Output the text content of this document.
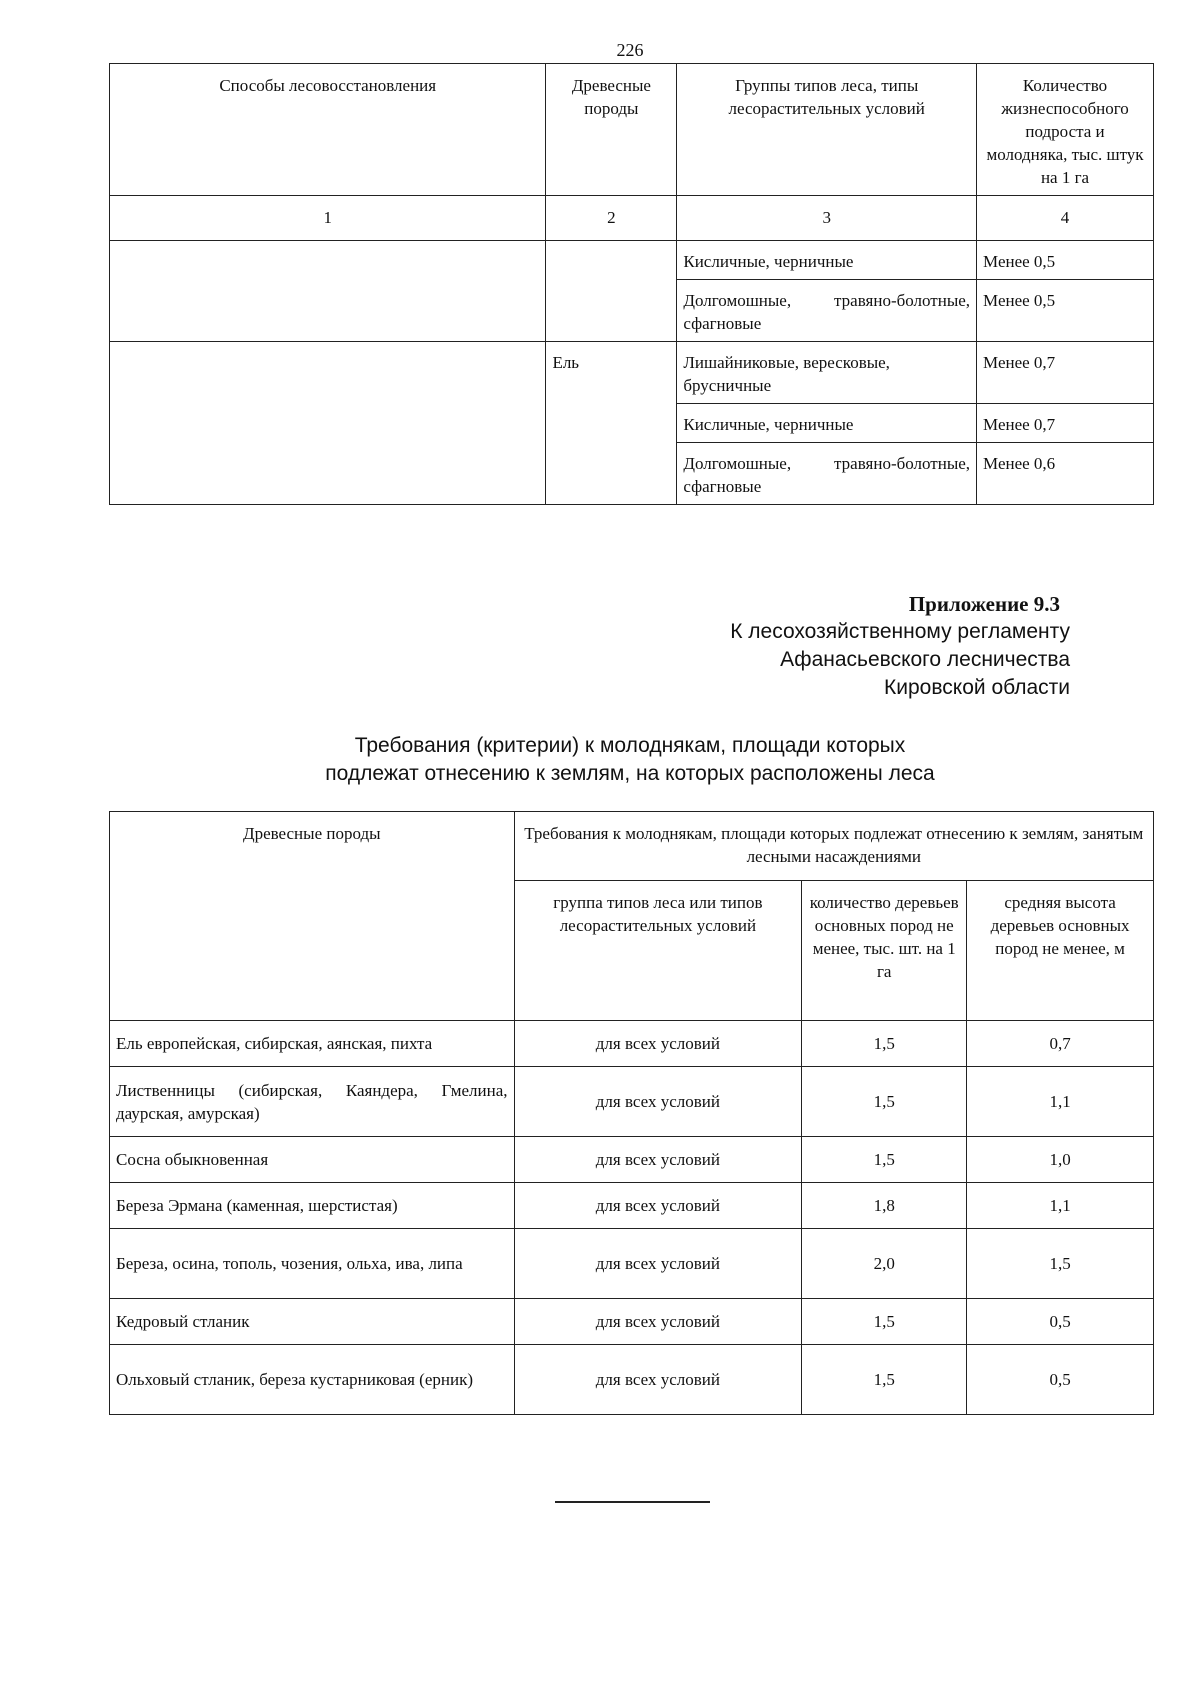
226
Способы лесовосстановления	Древесные породы	Группы типов леса, типы лесорастительных условий	Количество жизнеспособного подроста и молодняка, тыс. штук на 1 га
1	2	3	4
		Кисличные, черничные	Менее 0,5
		Долгомошные, травяно-болотные, сфагновые	Менее 0,5
	Ель	Лишайниковые, вересковые, брусничные	Менее 0,7
		Кисличные, черничные	Менее 0,7
		Долгомошные, травяно-болотные, сфагновые	Менее 0,6
Приложение 9.3
К лесохозяйственному регламенту
Афанасьевского лесничества
Кировской области
Требования (критерии) к молоднякам, площади которых
подлежат отнесению к землям, на которых расположены леса
Древесные породы	Требования к молоднякам, площади которых подлежат отнесению к землям, занятым лесными насаждениями		
	группа типов леса или типов лесорастительных условий	количество деревьев основных пород не менее, тыс. шт. на 1 га	средняя высота деревьев основных пород не менее, м
Ель европейская, сибирская, аянская, пихта	для всех условий	1,5	0,7
Лиственницы (сибирская, Каяндера, Гмелина, даурская, амурская)	для всех условий	1,5	1,1
Сосна обыкновенная	для всех условий	1,5	1,0
Береза Эрмана (каменная, шерстистая)	для всех условий	1,8	1,1
Береза, осина, тополь, чозения, ольха, ива, липа	для всех условий	2,0	1,5
Кедровый стланик	для всех условий	1,5	0,5
Ольховый стланик, береза кустарниковая (ерник)	для всех условий	1,5	0,5
